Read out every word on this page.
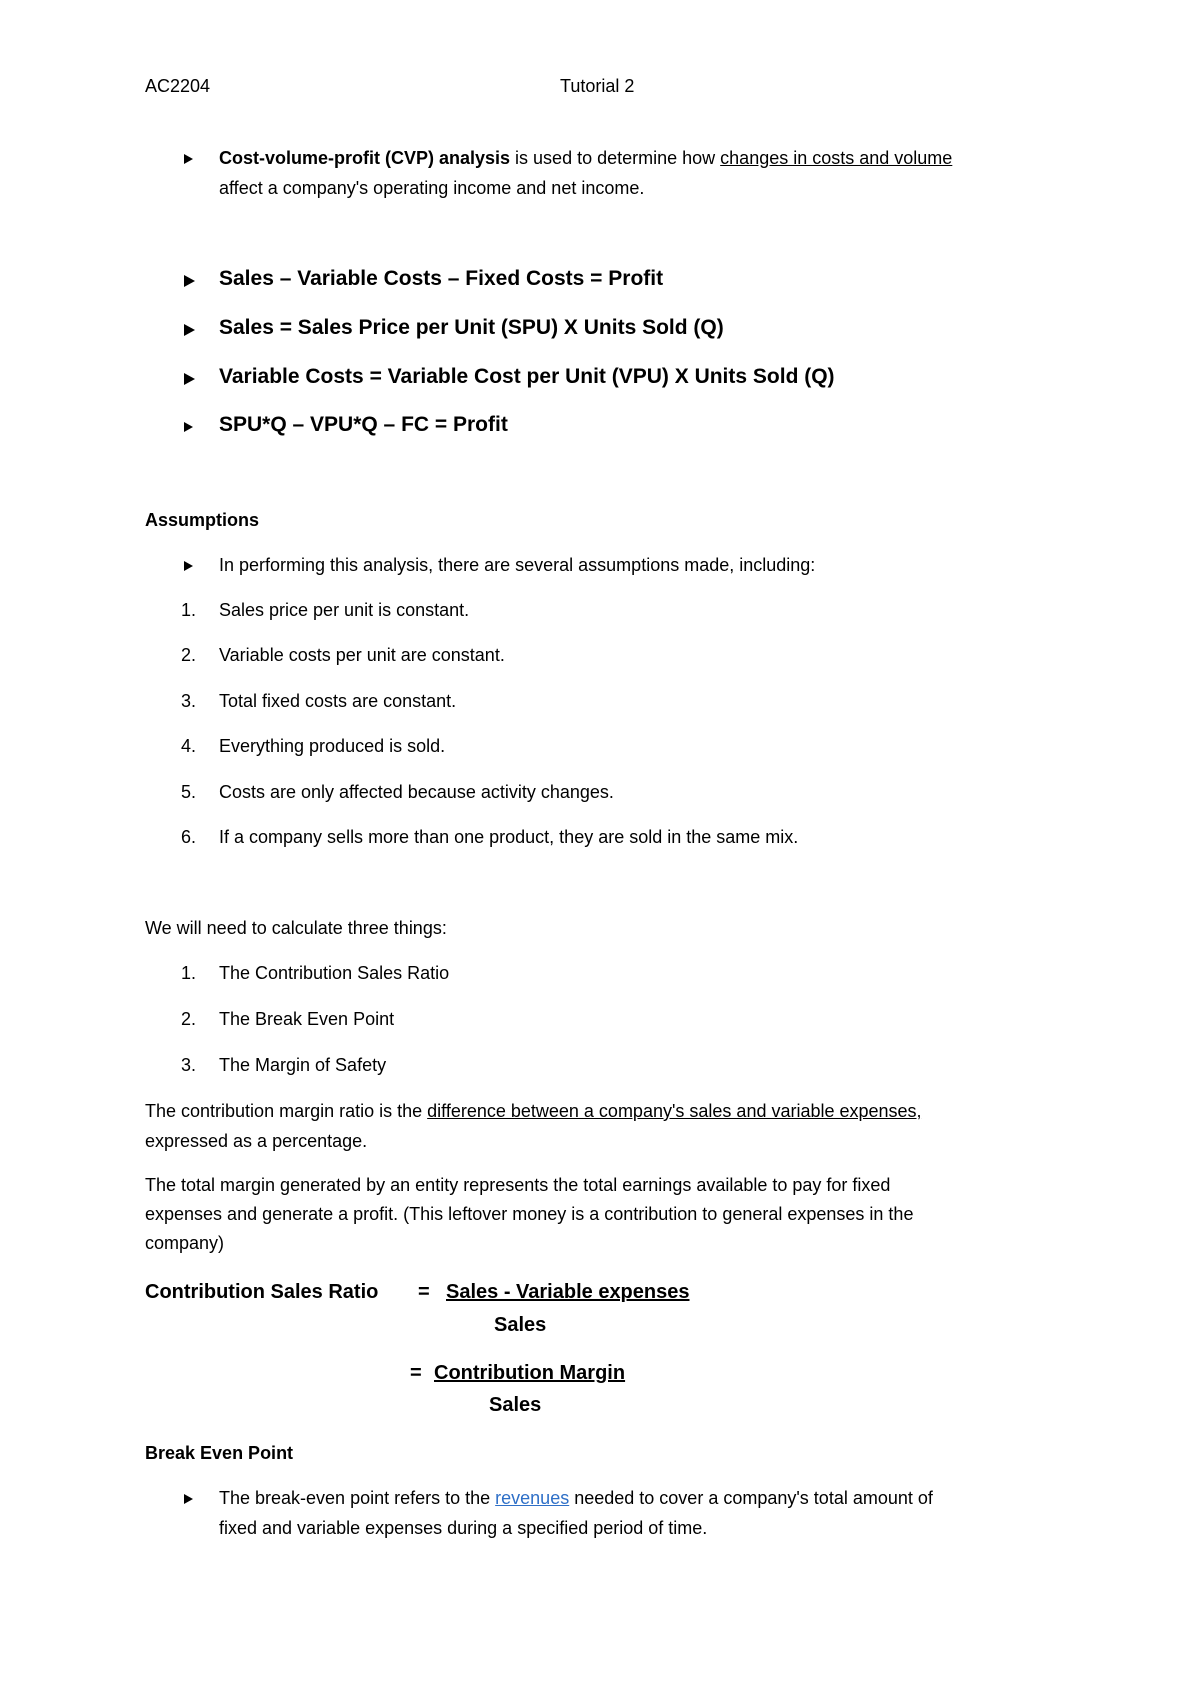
AC2204	Tutorial 2
Cost-volume-profit (CVP) analysis is used to determine how changes in costs and volume
affect a company's operating income and net income.
Sales – Variable Costs – Fixed Costs = Profit
Sales = Sales Price per Unit (SPU) X Units Sold (Q)
Variable Costs = Variable Cost per Unit (VPU) X Units Sold (Q)
SPU*Q – VPU*Q – FC = Profit
Assumptions
In performing this analysis, there are several assumptions made, including:
1. Sales price per unit is constant.
2. Variable costs per unit are constant.
3. Total fixed costs are constant.
4. Everything produced is sold.
5. Costs are only affected because activity changes.
6. If a company sells more than one product, they are sold in the same mix.
We will need to calculate three things:
1. The Contribution Sales Ratio
2. The Break Even Point
3. The Margin of Safety
The contribution margin ratio is the difference between a company's sales and variable expenses,
expressed as a percentage.
The total margin generated by an entity represents the total earnings available to pay for fixed
expenses and generate a profit. (This leftover money is a contribution to general expenses in the
company)
Contribution Sales Ratio = Sales - Variable expenses
Sales
= Contribution Margin
Sales
Break Even Point
The break-even point refers to the revenues needed to cover a company's total amount of
fixed and variable expenses during a specified period of time.
